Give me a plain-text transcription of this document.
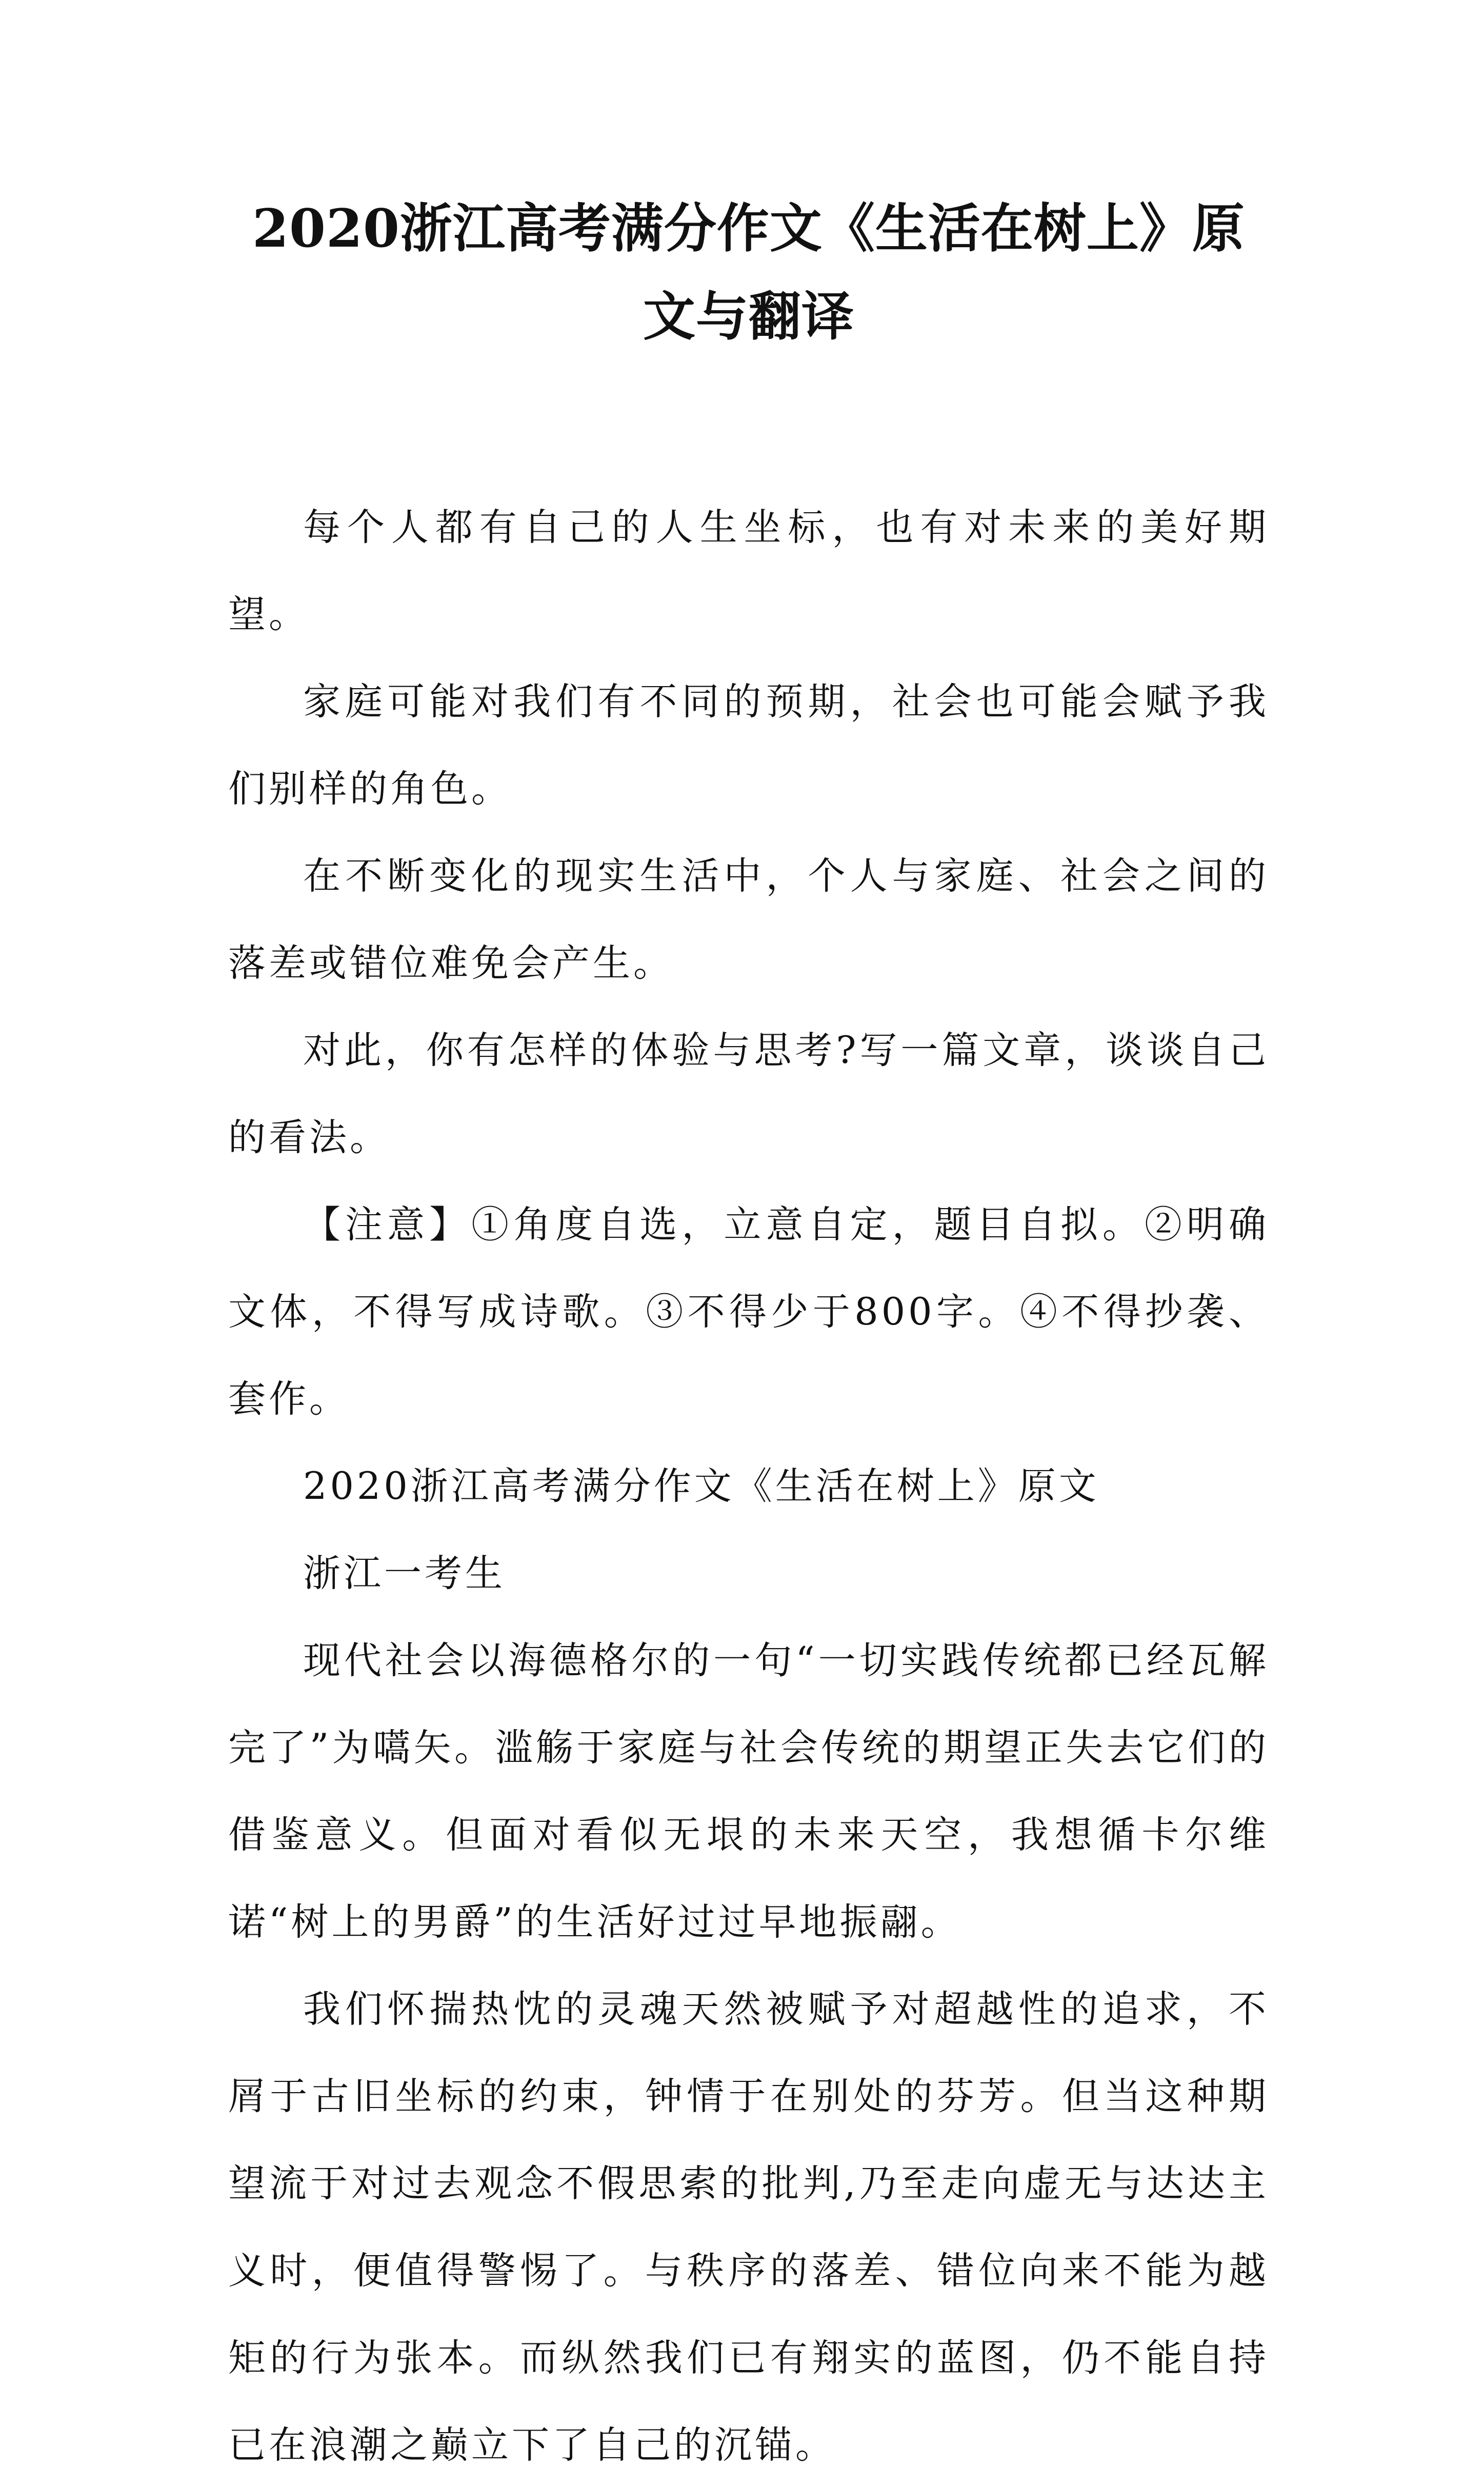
2020浙江高考满分作文《生活在树上》原文与翻译

每个人都有自己的人生坐标，也有对未来的美好期望。

家庭可能对我们有不同的预期，社会也可能会赋予我们别样的角色。

在不断变化的现实生活中，个人与家庭、社会之间的落差或错位难免会产生。

对此，你有怎样的体验与思考?写一篇文章，谈谈自己的看法。

【注意】①角度自选，立意自定，题目自拟。②明确文体，不得写成诗歌。③不得少于800字。④不得抄袭、套作。

2020浙江高考满分作文《生活在树上》原文

浙江一考生

现代社会以海德格尔的一句“一切实践传统都已经瓦解完了”为嚆矢。滥觞于家庭与社会传统的期望正失去它们的借鉴意义。但面对看似无垠的未来天空，我想循卡尔维诺“树上的男爵”的生活好过过早地振翮。

我们怀揣热忱的灵魂天然被赋予对超越性的追求，不屑于古旧坐标的约束，钟情于在别处的芬芳。但当这种期望流于对过去观念不假思索的批判,乃至走向虚无与达达主义时，便值得警惕了。与秩序的落差、错位向来不能为越矩的行为张本。而纵然我们已有翔实的蓝图，仍不能自持已在浪潮之巅立下了自己的沉锚。
